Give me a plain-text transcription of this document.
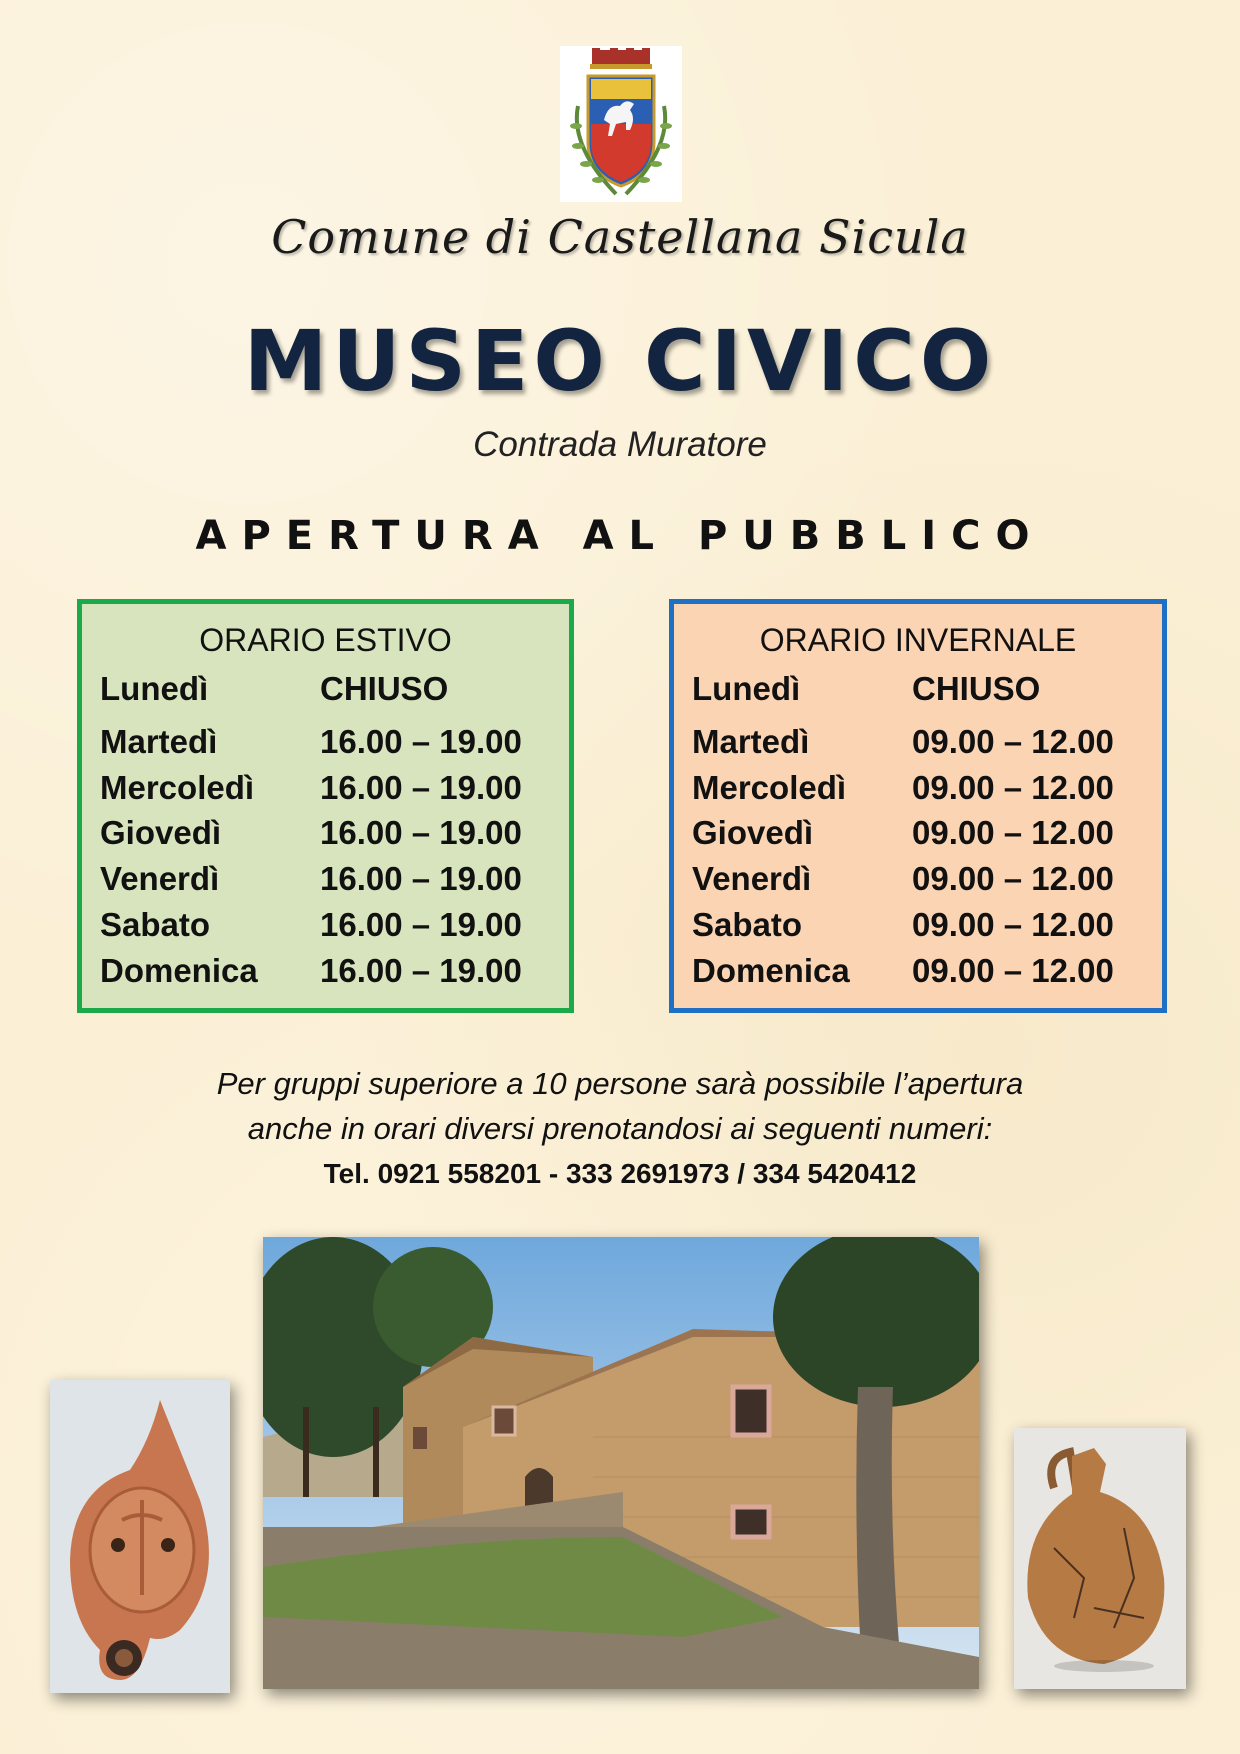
Comune di Castellana Sicula
MUSEO CIVICO
Contrada Muratore
APERTURA AL PUBBLICO
ORARIO ESTIVO
Lunedì	CHIUSO
Martedì	16.00 – 19.00
Mercoledì 16.00 – 19.00
Giovedì	16.00 – 19.00
Venerdì	16.00 – 19.00
Sabato	16.00 – 19.00
Domenica 16.00 – 19.00
ORARIO INVERNALE
Lunedì	CHIUSO
Martedì	09.00 – 12.00
Mercoledì 09.00 – 12.00
Giovedì	09.00 – 12.00
Venerdì	09.00 – 12.00
Sabato	09.00 – 12.00
Domenica 09.00 – 12.00
Per gruppi superiore a 10 persone sarà possibile l’apertura
anche in orari diversi prenotandosi ai seguenti numeri:
Tel. 0921 558201 - 333 2691973 / 334 5420412
